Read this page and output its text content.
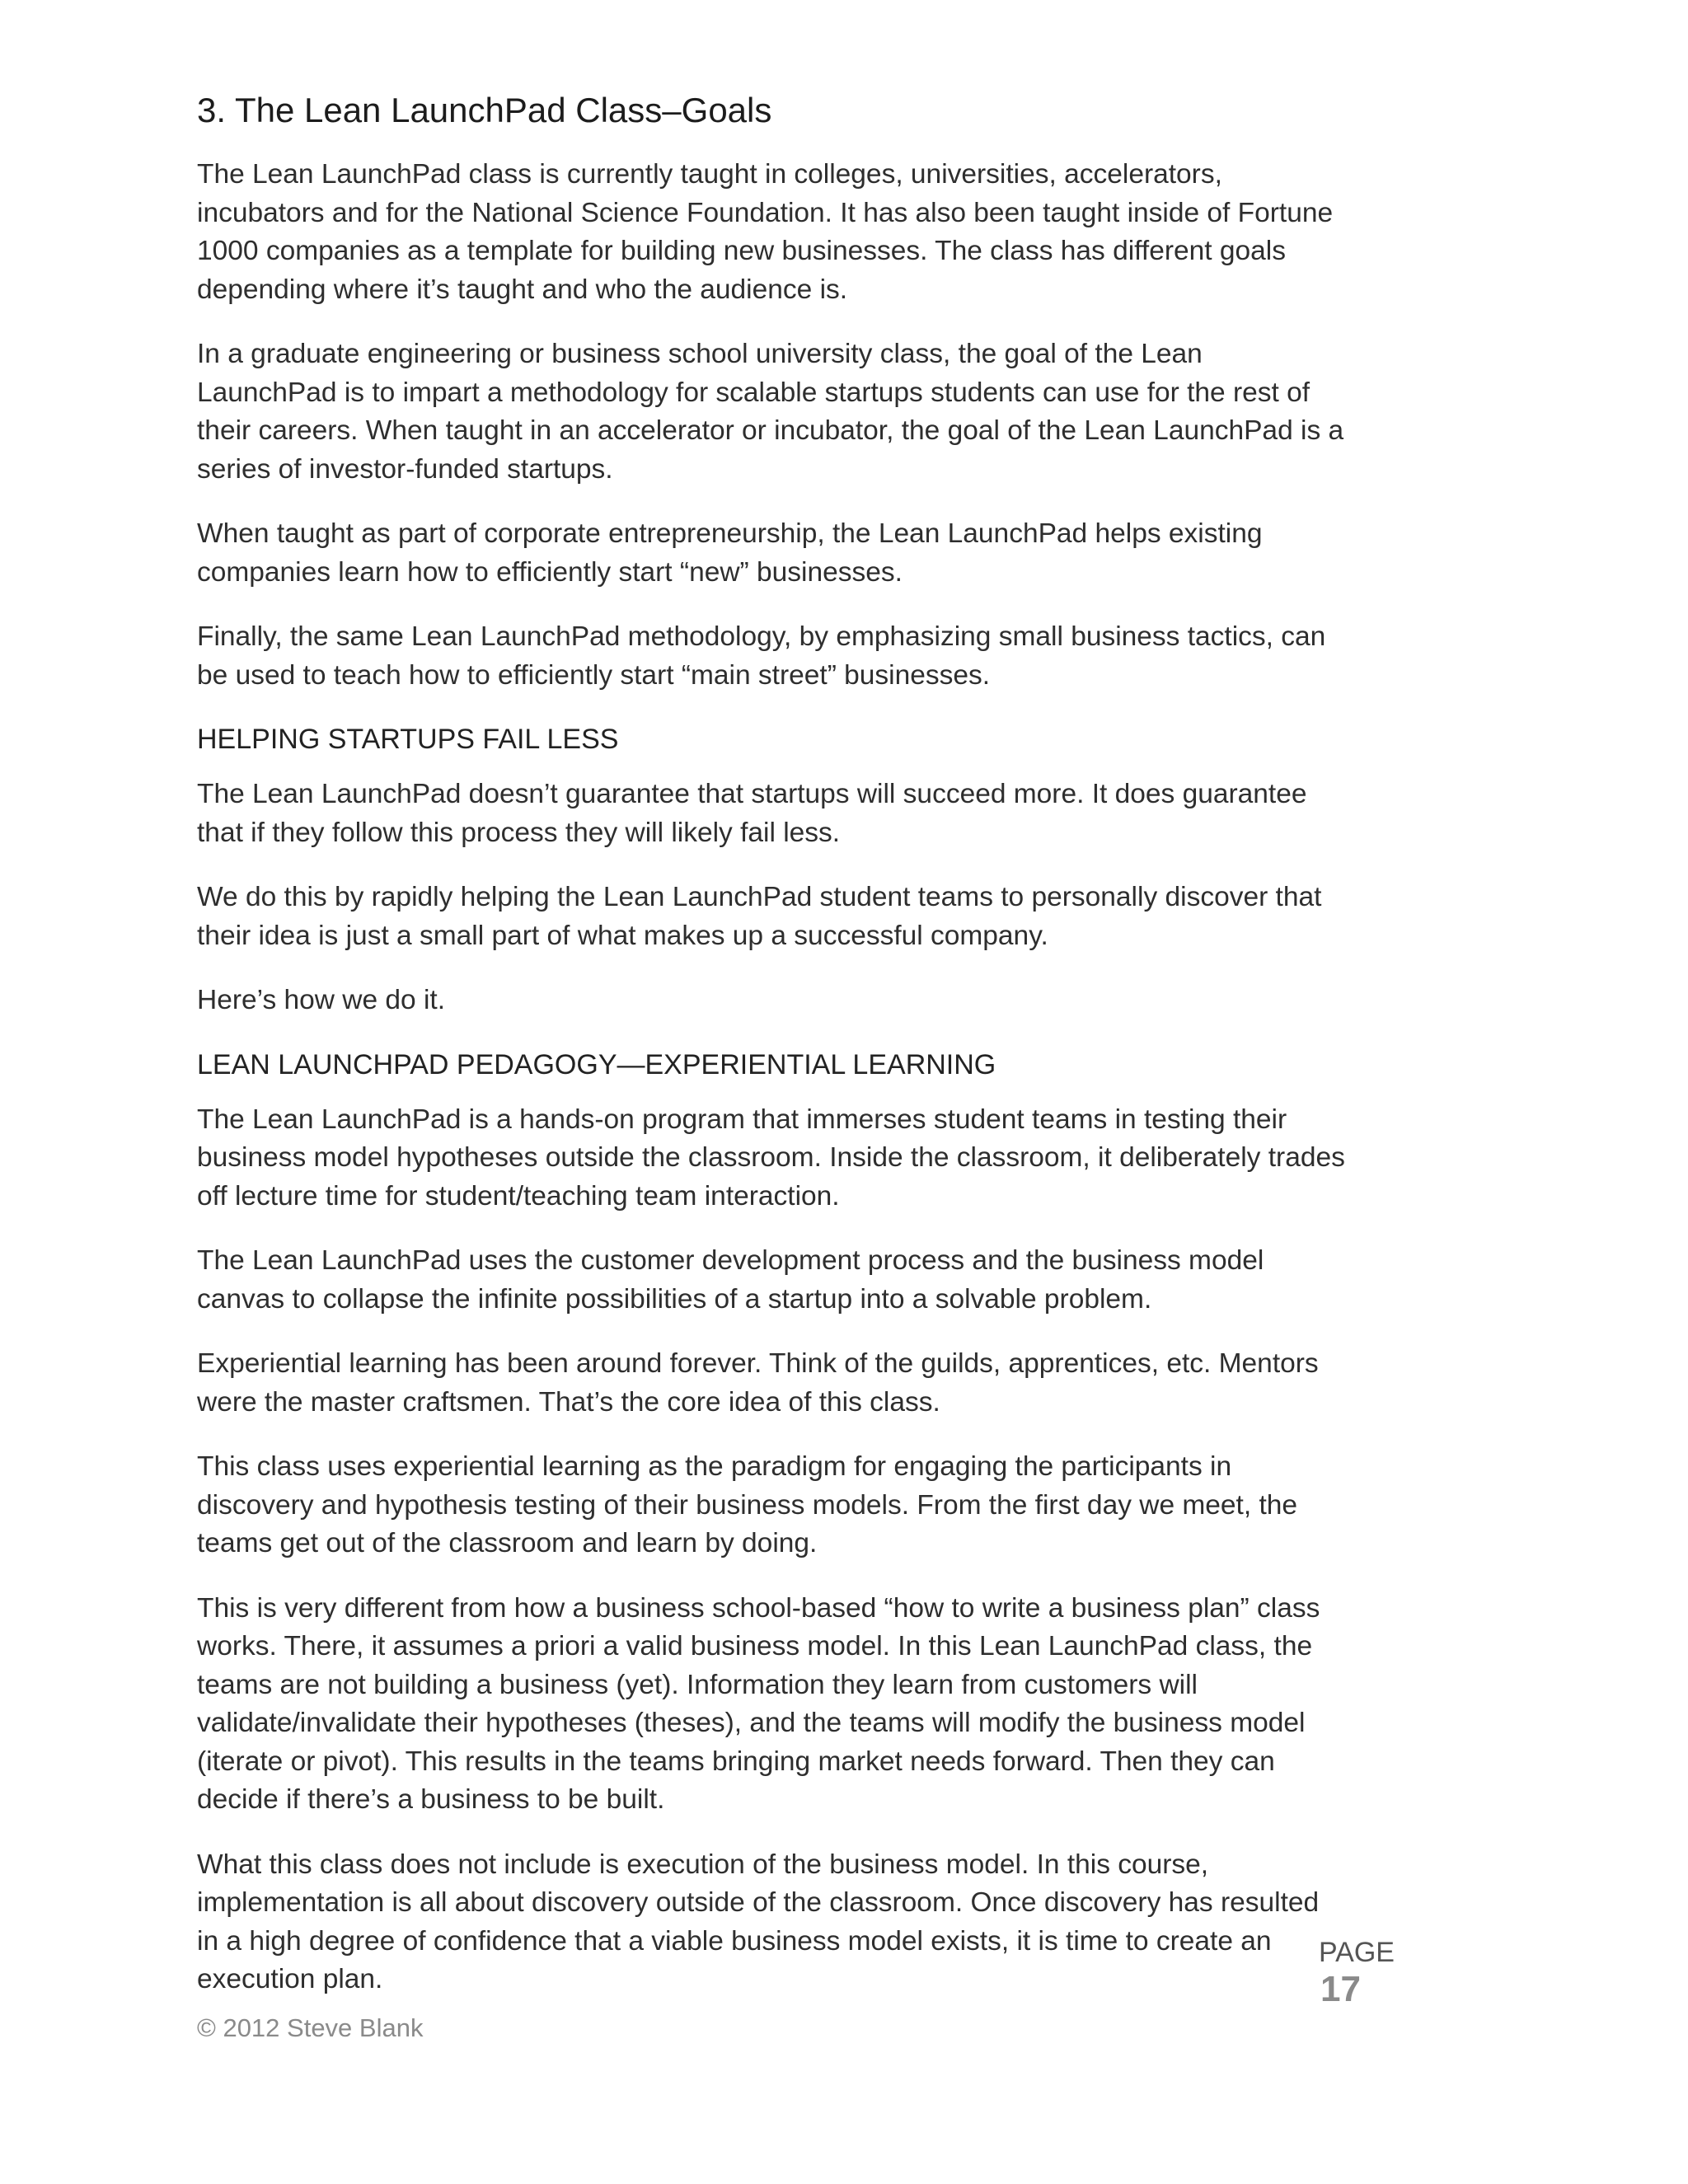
3. The Lean LaunchPad Class–Goals

The Lean LaunchPad class is currently taught in colleges, universities, accelerators, incubators and for the National Science Foundation. It has also been taught inside of Fortune 1000 companies as a template for building new businesses. The class has different goals depending where it’s taught and who the audience is.

In a graduate engineering or business school university class, the goal of the Lean LaunchPad is to impart a methodology for scalable startups students can use for the rest of their careers. When taught in an accelerator or incubator, the goal of the Lean LaunchPad is a series of investor-funded startups.

When taught as part of corporate entrepreneurship, the Lean LaunchPad helps existing companies learn how to efficiently start “new” businesses.

Finally, the same Lean LaunchPad methodology, by emphasizing small business tactics, can be used to teach how to efficiently start “main street” businesses.

HELPING STARTUPS FAIL LESS

The Lean LaunchPad doesn’t guarantee that startups will succeed more. It does guarantee that if they follow this process they will likely fail less.

We do this by rapidly helping the Lean LaunchPad student teams to personally discover that their idea is just a small part of what makes up a successful company.

Here’s how we do it.

LEAN LAUNCHPAD PEDAGOGY—EXPERIENTIAL LEARNING

The Lean LaunchPad is a hands-on program that immerses student teams in testing their business model hypotheses outside the classroom. Inside the classroom, it deliberately trades off lecture time for student/teaching team interaction.

The Lean LaunchPad uses the customer development process and the business model canvas to collapse the infinite possibilities of a startup into a solvable problem.

Experiential learning has been around forever. Think of the guilds, apprentices, etc. Mentors were the master craftsmen. That’s the core idea of this class.

This class uses experiential learning as the paradigm for engaging the participants in discovery and hypothesis testing of their business models. From the first day we meet, the teams get out of the classroom and learn by doing.

This is very different from how a business school-based “how to write a business plan” class works. There, it assumes a priori a valid business model. In this Lean LaunchPad class, the teams are not building a business (yet). Information they learn from customers will validate/invalidate their hypotheses (theses), and the teams will modify the business model (iterate or pivot). This results in the teams bringing market needs forward. Then they can decide if there’s a business to be built.

What this class does not include is execution of the business model. In this course, implementation is all about discovery outside of the classroom. Once discovery has resulted in a high degree of confidence that a viable business model exists, it is time to create an execution plan.

PAGE
17
© 2012 Steve Blank
